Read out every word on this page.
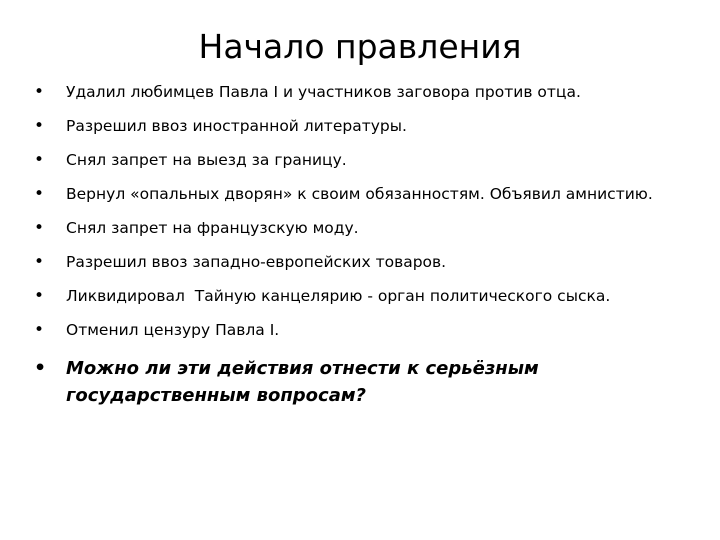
Начало правления
• Удалил любимцев Павла I и участников заговора против отца.
• Разрешил ввоз иностранной литературы.
• Снял запрет на выезд за границу.
• Вернул «опальных дворян» к своим обязанностям. Объявил амнистию.
• Снял запрет на французскую моду.
• Разрешил ввоз западно-европейских товаров.
• Ликвидировал  Тайную канцелярию - орган политического сыска.
• Отменил цензуру Павла I.
• Можно ли эти действия отнести к серьёзным государственным вопросам?
